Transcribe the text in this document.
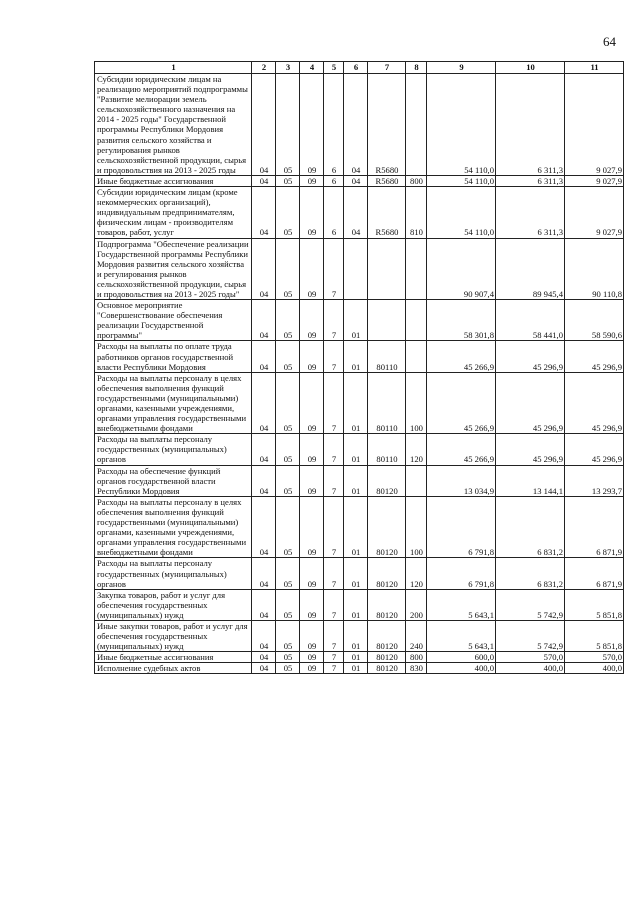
64
1	2	3	4	5	6	7	8	9	10	11
Субсидии юридическим лицам на реализацию мероприятий подпрограммы "Развитие мелиорации земель сельскохозяйственного назначения на 2014 - 2025 годы" Государственной программы Республики Мордовия развития сельского хозяйства и регулирования рынков сельскохозяйственной продукции, сырья и продовольствия на 2013 - 2025 годы	04	05	09	6	04	R5680		54 110,0	6 311,3	9 027,9
Иные бюджетные ассигнования	04	05	09	6	04	R5680	800	54 110,0	6 311,3	9 027,9
Субсидии юридическим лицам (кроме некоммерческих организаций), индивидуальным предпринимателям, физическим лицам - производителям товаров, работ, услуг	04	05	09	6	04	R5680	810	54 110,0	6 311,3	9 027,9
Подпрограмма "Обеспечение реализации Государственной программы Республики Мордовия развития сельского хозяйства и регулирования рынков сельскохозяйственной продукции, сырья и продовольствия на 2013 - 2025 годы"	04	05	09	7				90 907,4	89 945,4	90 110,8
Основное мероприятие "Совершенствование обеспечения реализации Государственной программы"	04	05	09	7	01			58 301,8	58 441,0	58 590,6
Расходы на выплаты по оплате труда работников органов государственной власти Республики Мордовия	04	05	09	7	01	80110		45 266,9	45 296,9	45 296,9
Расходы на выплаты персоналу в целях обеспечения выполнения функций государственными (муниципальными) органами, казенными учреждениями, органами управления государственными внебюджетными фондами	04	05	09	7	01	80110	100	45 266,9	45 296,9	45 296,9
Расходы на выплаты персоналу государственных (муниципальных) органов	04	05	09	7	01	80110	120	45 266,9	45 296,9	45 296,9
Расходы на обеспечение функций органов государственной власти Республики Мордовия	04	05	09	7	01	80120		13 034,9	13 144,1	13 293,7
Расходы на выплаты персоналу в целях обеспечения выполнения функций государственными (муниципальными) органами, казенными учреждениями, органами управления государственными внебюджетными фондами	04	05	09	7	01	80120	100	6 791,8	6 831,2	6 871,9
Расходы на выплаты персоналу государственных (муниципальных) органов	04	05	09	7	01	80120	120	6 791,8	6 831,2	6 871,9
Закупка товаров, работ и услуг для обеспечения государственных (муниципальных) нужд	04	05	09	7	01	80120	200	5 643,1	5 742,9	5 851,8
Иные закупки товаров, работ и услуг для обеспечения государственных (муниципальных) нужд	04	05	09	7	01	80120	240	5 643,1	5 742,9	5 851,8
Иные бюджетные ассигнования	04	05	09	7	01	80120	800	600,0	570,0	570,0
Исполнение судебных актов	04	05	09	7	01	80120	830	400,0	400,0	400,0
